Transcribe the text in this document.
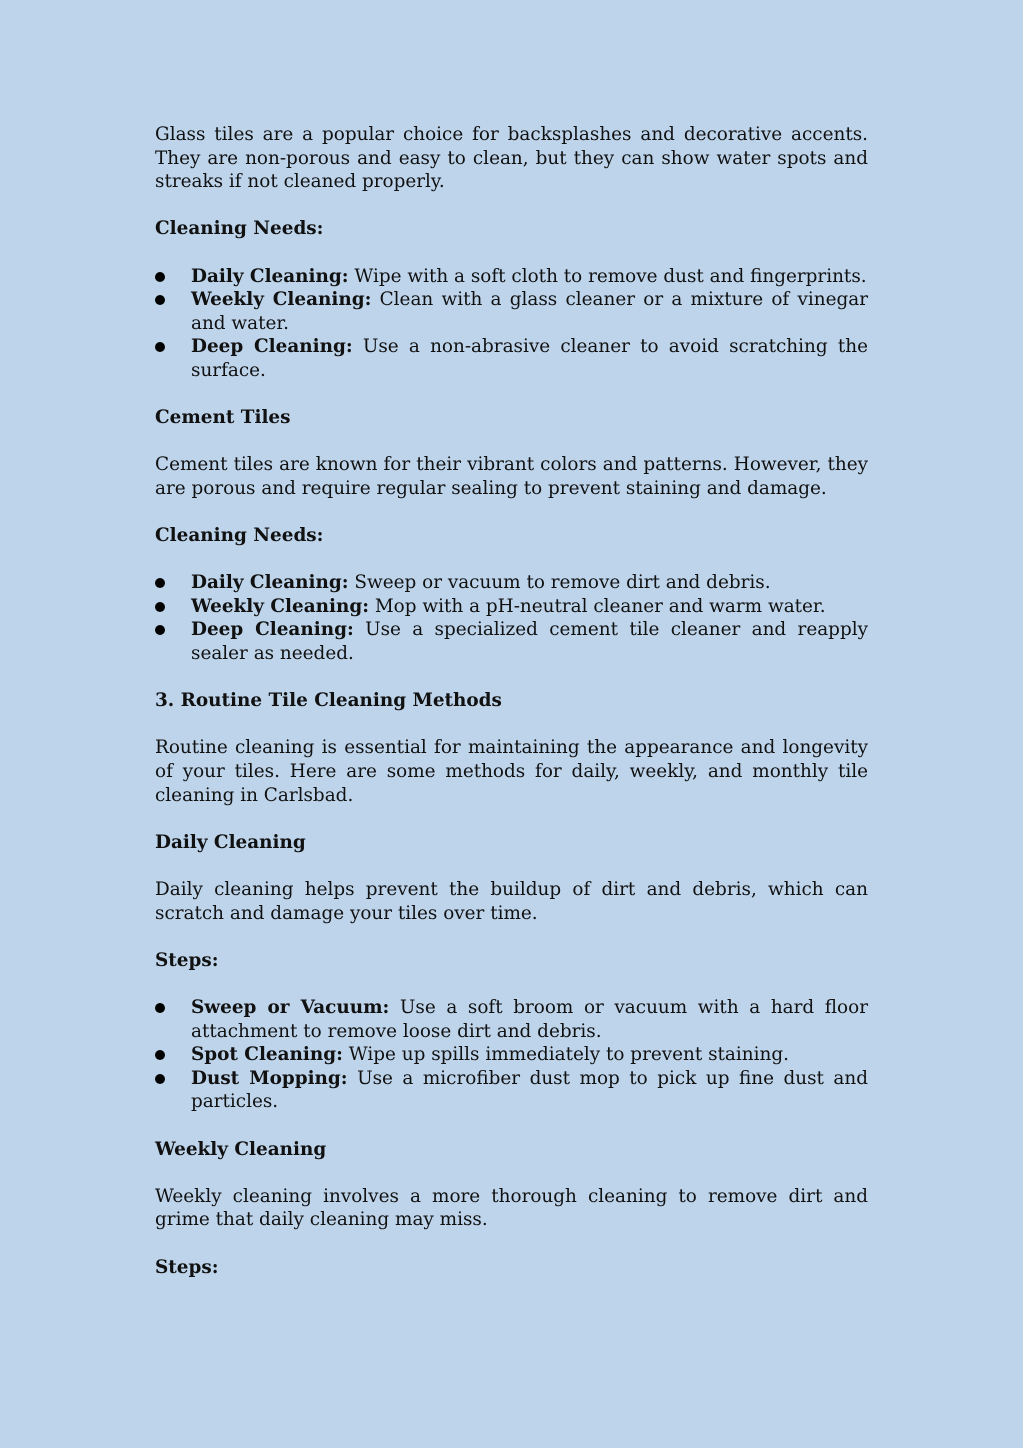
Glass tiles are a popular choice for backsplashes and decorative accents. They are non-porous and easy to clean, but they can show water spots and streaks if not cleaned properly.

Cleaning Needs:

Daily Cleaning: Wipe with a soft cloth to remove dust and fingerprints.
Weekly Cleaning: Clean with a glass cleaner or a mixture of vinegar and water.
Deep Cleaning: Use a non-abrasive cleaner to avoid scratching the surface.

Cement Tiles

Cement tiles are known for their vibrant colors and patterns. However, they are porous and require regular sealing to prevent staining and damage.

Cleaning Needs:

Daily Cleaning: Sweep or vacuum to remove dirt and debris.
Weekly Cleaning: Mop with a pH-neutral cleaner and warm water.
Deep Cleaning: Use a specialized cement tile cleaner and reapply sealer as needed.

3. Routine Tile Cleaning Methods

Routine cleaning is essential for maintaining the appearance and longevity of your tiles. Here are some methods for daily, weekly, and monthly tile cleaning in Carlsbad.

Daily Cleaning

Daily cleaning helps prevent the buildup of dirt and debris, which can scratch and damage your tiles over time.

Steps:

Sweep or Vacuum: Use a soft broom or vacuum with a hard floor attachment to remove loose dirt and debris.
Spot Cleaning: Wipe up spills immediately to prevent staining.
Dust Mopping: Use a microfiber dust mop to pick up fine dust and particles.

Weekly Cleaning

Weekly cleaning involves a more thorough cleaning to remove dirt and grime that daily cleaning may miss.

Steps:
